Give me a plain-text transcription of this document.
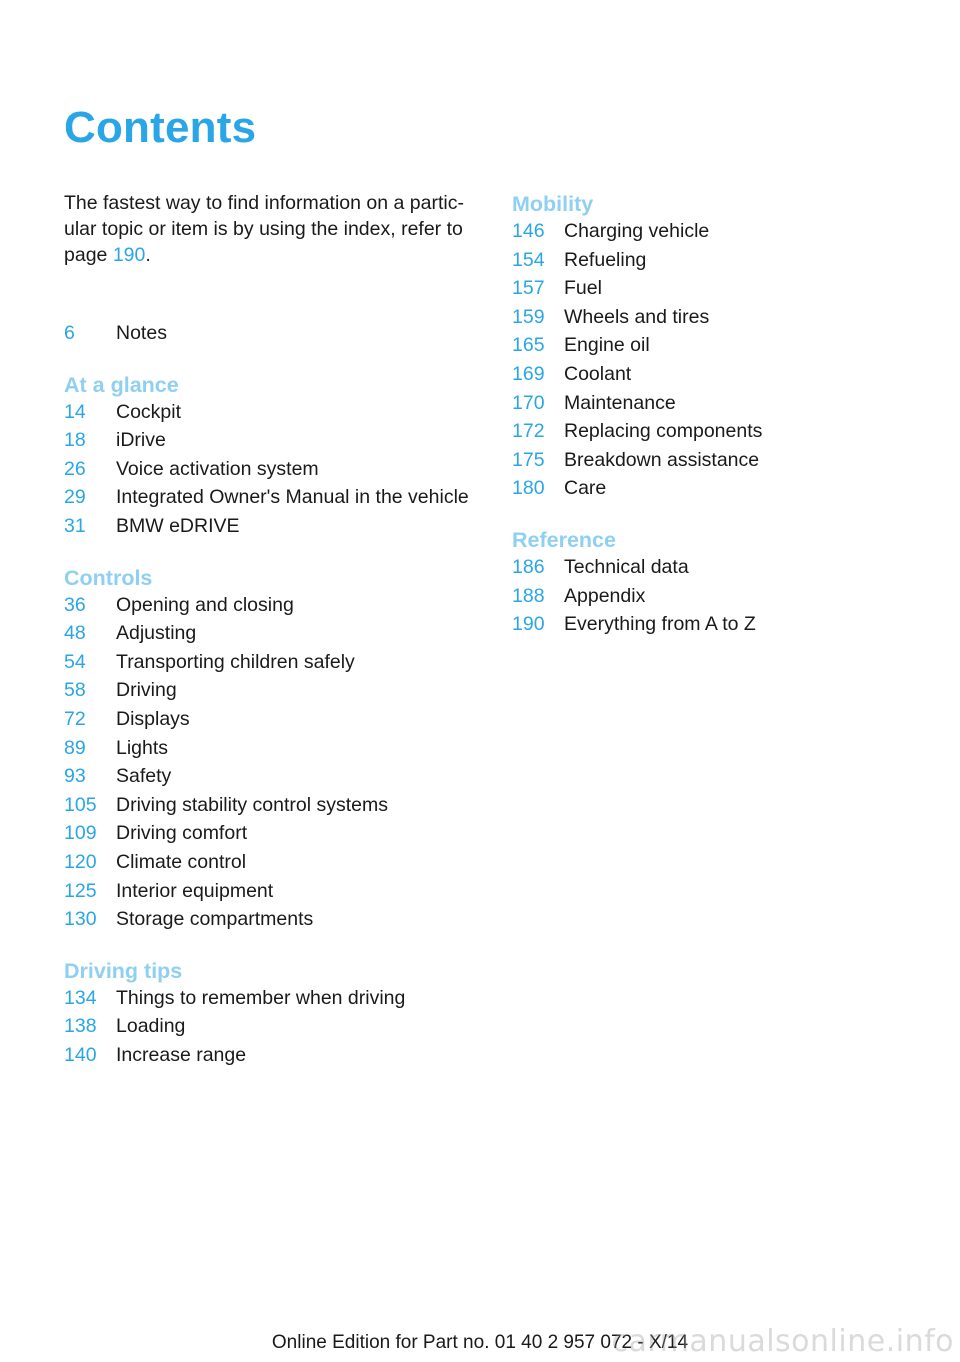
Contents

The fastest way to find information on a particular topic or item is by using the index, refer to page 190.

6	Notes
At a glance
14	Cockpit
18	iDrive
26	Voice activation system
29	Integrated Owner's Manual in the vehicle
31	BMW eDRIVE
Controls
36	Opening and closing
48	Adjusting
54	Transporting children safely
58	Driving
72	Displays
89	Lights
93	Safety
105 Driving stability control systems
109 Driving comfort
120 Climate control
125 Interior equipment
130 Storage compartments
Driving tips
134 Things to remember when driving
138 Loading
140 Increase range
Mobility
146 Charging vehicle
154 Refueling
157 Fuel
159 Wheels and tires
165 Engine oil
169 Coolant
170 Maintenance
172 Replacing components
175 Breakdown assistance
180 Care
Reference
186 Technical data
188 Appendix
190 Everything from A to Z
Online Edition for Part no. 01 40 2 957 072 - X/14
carmanualsonline.info
